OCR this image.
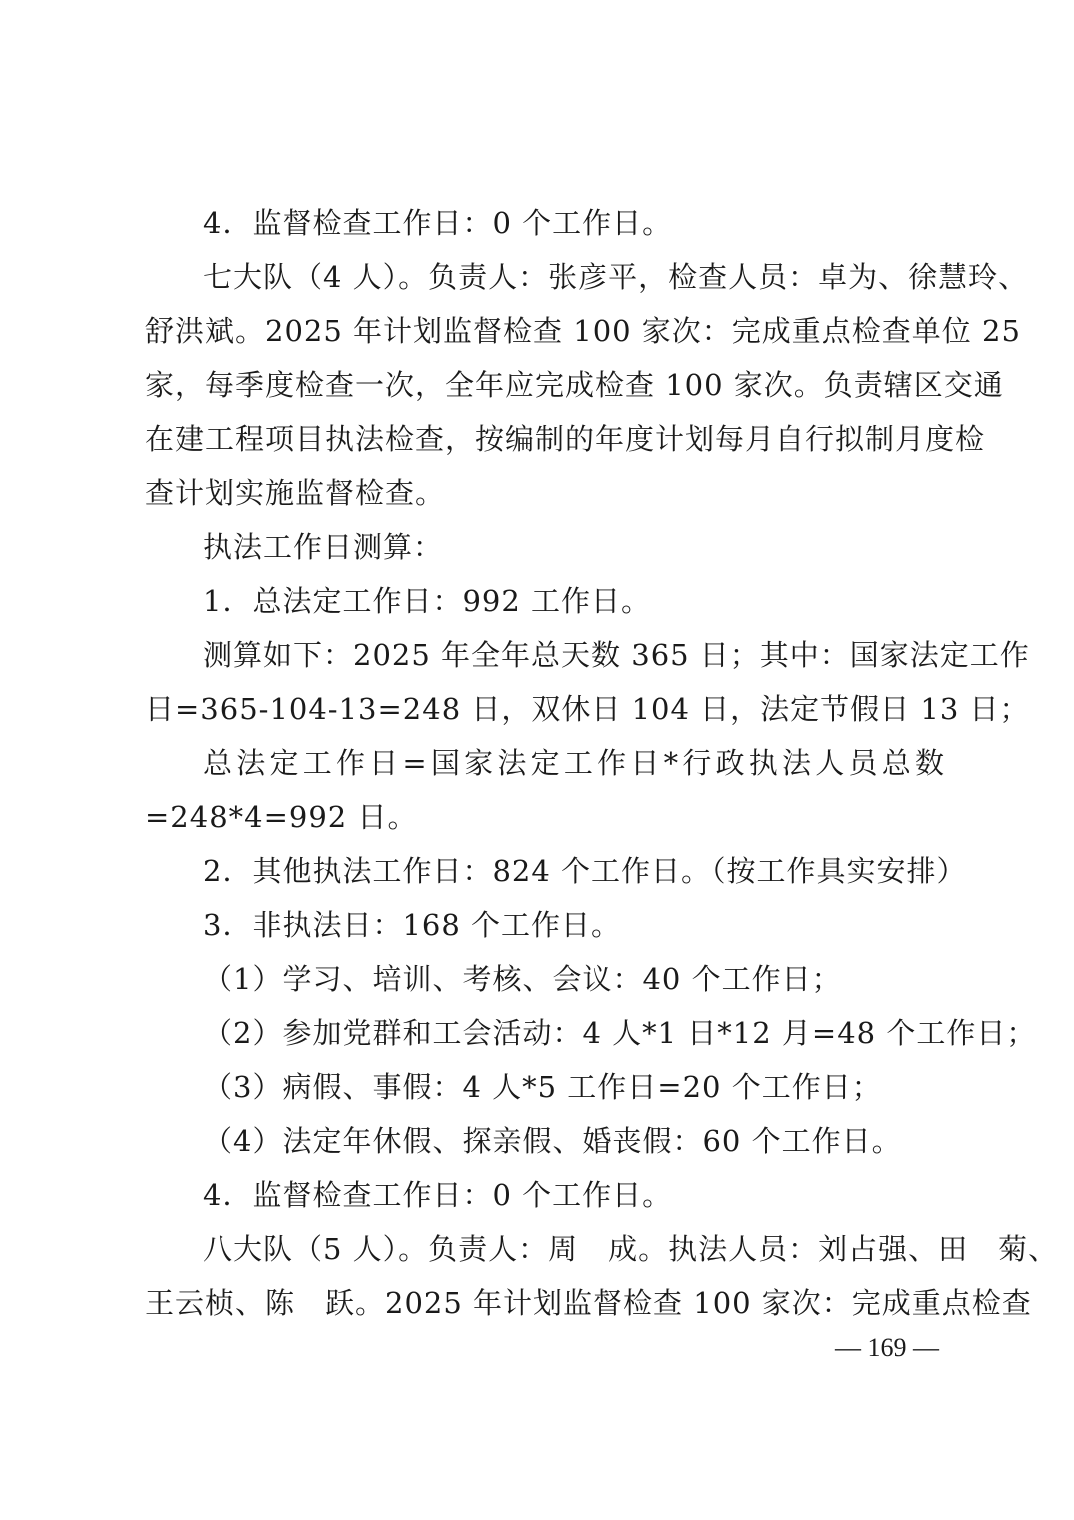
4．监督检查工作日：0 个工作日。
七大队（4 人）。负责人：张彦平，检查人员：卓为、徐慧玲、
舒洪斌。2025 年计划监督检查 100 家次：完成重点检查单位 25
家，每季度检查一次，全年应完成检查 100 家次。负责辖区交通
在建工程项目执法检查，按编制的年度计划每月自行拟制月度检
查计划实施监督检查。
执法工作日测算：
1．总法定工作日：992 工作日。
测算如下：2025 年全年总天数 365 日；其中：国家法定工作
日=365-104-13=248 日，双休日 104 日，法定节假日 13 日；
总法定工作日=国家法定工作日*行政执法人员总数
=248*4=992 日。
2．其他执法工作日：824 个工作日。（按工作具实安排）
3．非执法日：168 个工作日。
（1）学习、培训、考核、会议：40 个工作日；
（2）参加党群和工会活动：4 人*1 日*12 月=48 个工作日；
（3）病假、事假：4 人*5 工作日=20 个工作日；
（4）法定年休假、探亲假、婚丧假：60 个工作日。
4．监督检查工作日：0 个工作日。
八大队（5 人）。负责人：周　成。执法人员：刘占强、田　菊、
王云桢、陈　跃。2025 年计划监督检查 100 家次：完成重点检查
— 169 —
